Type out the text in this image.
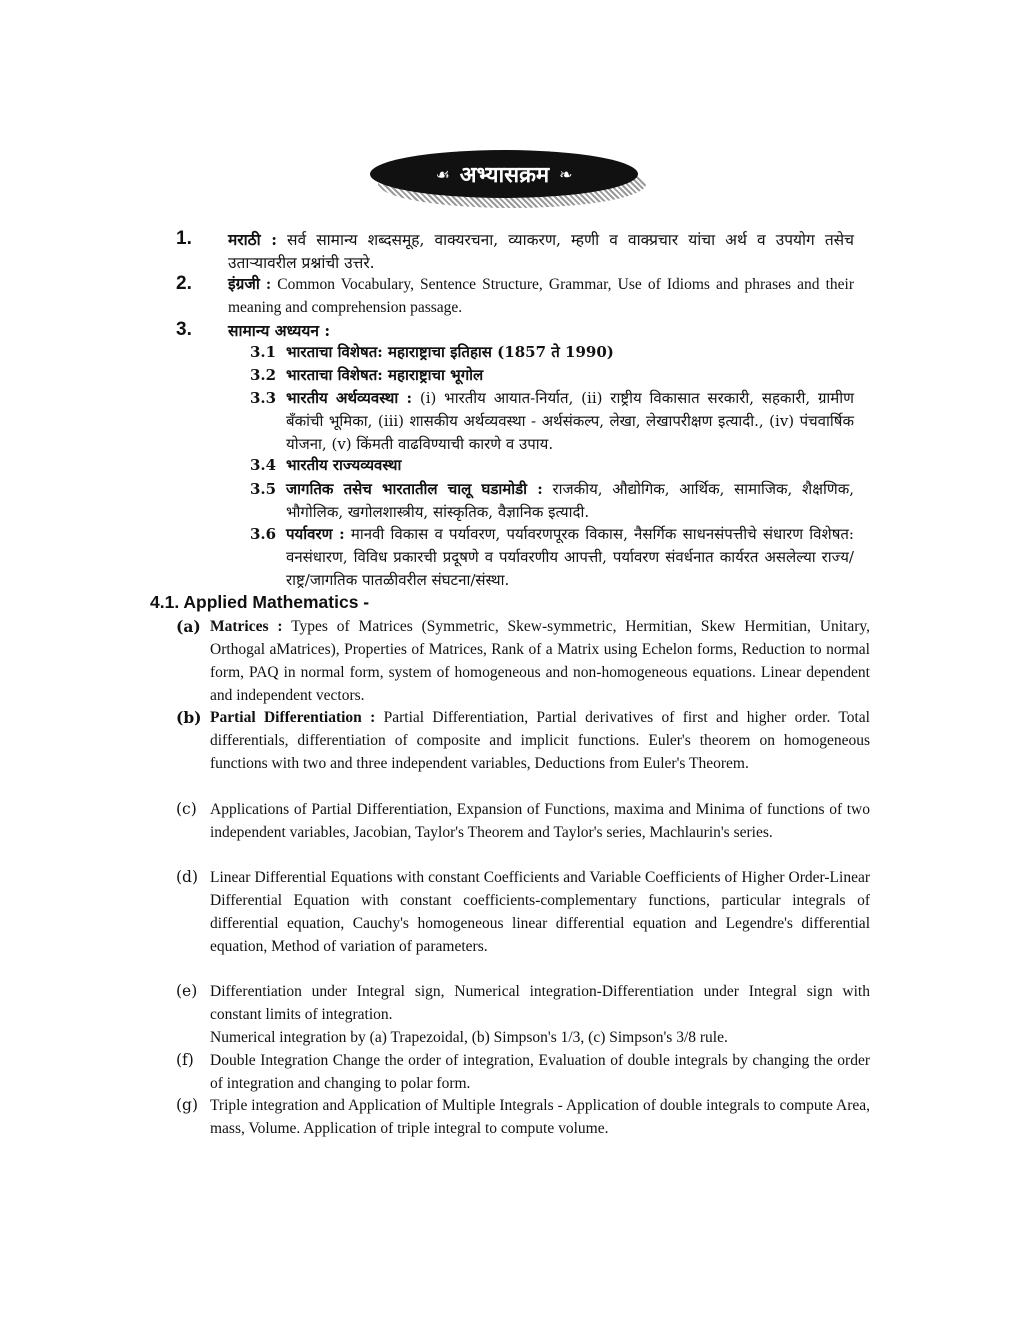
☙ अभ्यासक्रम ❧
1. मराठी : सर्व सामान्य शब्दसमूह, वाक्यरचना, व्याकरण, म्हणी व वाक्प्रचार यांचा अर्थ व उपयोग तसेच उताऱ्यावरील प्रश्नांची उत्तरे.
2. इंग्रजी : Common Vocabulary, Sentence Structure, Grammar, Use of Idioms and phrases and their meaning and comprehension passage.
3. सामान्य अध्ययन :
3.1 भारताचा विशेषत: महाराष्ट्राचा इतिहास (1857 ते 1990)
3.2 भारताचा विशेषत: महाराष्ट्राचा भूगोल
3.3 भारतीय अर्थव्यवस्था : (i) भारतीय आयात-निर्यात, (ii) राष्ट्रीय विकासात सरकारी, सहकारी, ग्रामीण बँकांची भूमिका, (iii) शासकीय अर्थव्यवस्था - अर्थसंकल्प, लेखा, लेखापरीक्षण इत्यादी., (iv) पंचवार्षिक योजना, (v) किंमती वाढविण्याची कारणे व उपाय.
3.4 भारतीय राज्यव्यवस्था
3.5 जागतिक तसेच भारतातील चालू घडामोडी : राजकीय, औद्योगिक, आर्थिक, सामाजिक, शैक्षणिक, भौगोलिक, खगोलशास्त्रीय, सांस्कृतिक, वैज्ञानिक इत्यादी.
3.6 पर्यावरण : मानवी विकास व पर्यावरण, पर्यावरणपूरक विकास, नैसर्गिक साधनसंपत्तीचे संधारण विशेषत: वनसंधारण, विविध प्रकारची प्रदूषणे व पर्यावरणीय आपत्ती, पर्यावरण संवर्धनात कार्यरत असलेल्या राज्य/राष्ट्र/जागतिक पातळीवरील संघटना/संस्था.
4.1. Applied Mathematics -
(a) Matrices : Types of Matrices (Symmetric, Skew-symmetric, Hermitian, Skew Hermitian, Unitary, Orthogal aMatrices), Properties of Matrices, Rank of a Matrix using Echelon forms, Reduction to normal form, PAQ in normal form, system of homogeneous and non-homogeneous equations. Linear dependent and independent vectors.
(b) Partial Differentiation : Partial Differentiation, Partial derivatives of first and higher order. Total differentials, differentiation of composite and implicit functions. Euler's theorem on homogeneous functions with two and three independent variables, Deductions from Euler's Theorem.
(c) Applications of Partial Differentiation, Expansion of Functions, maxima and Minima of functions of two independent variables, Jacobian, Taylor's Theorem and Taylor's series, Machlaurin's series.
(d) Linear Differential Equations with constant Coefficients and Variable Coefficients of Higher Order-Linear Differential Equation with constant coefficients-complementary functions, particular integrals of differential equation, Cauchy's homogeneous linear differential equation and Legendre's differential equation, Method of variation of parameters.
(e) Differentiation under Integral sign, Numerical integration-Differentiation under Integral sign with constant limits of integration.
Numerical integration by (a) Trapezoidal, (b) Simpson's 1/3, (c) Simpson's 3/8 rule.
(f) Double Integration Change the order of integration, Evaluation of double integrals by changing the order of integration and changing to polar form.
(g) Triple integration and Application of Multiple Integrals - Application of double integrals to compute Area, mass, Volume. Application of triple integral to compute volume.
